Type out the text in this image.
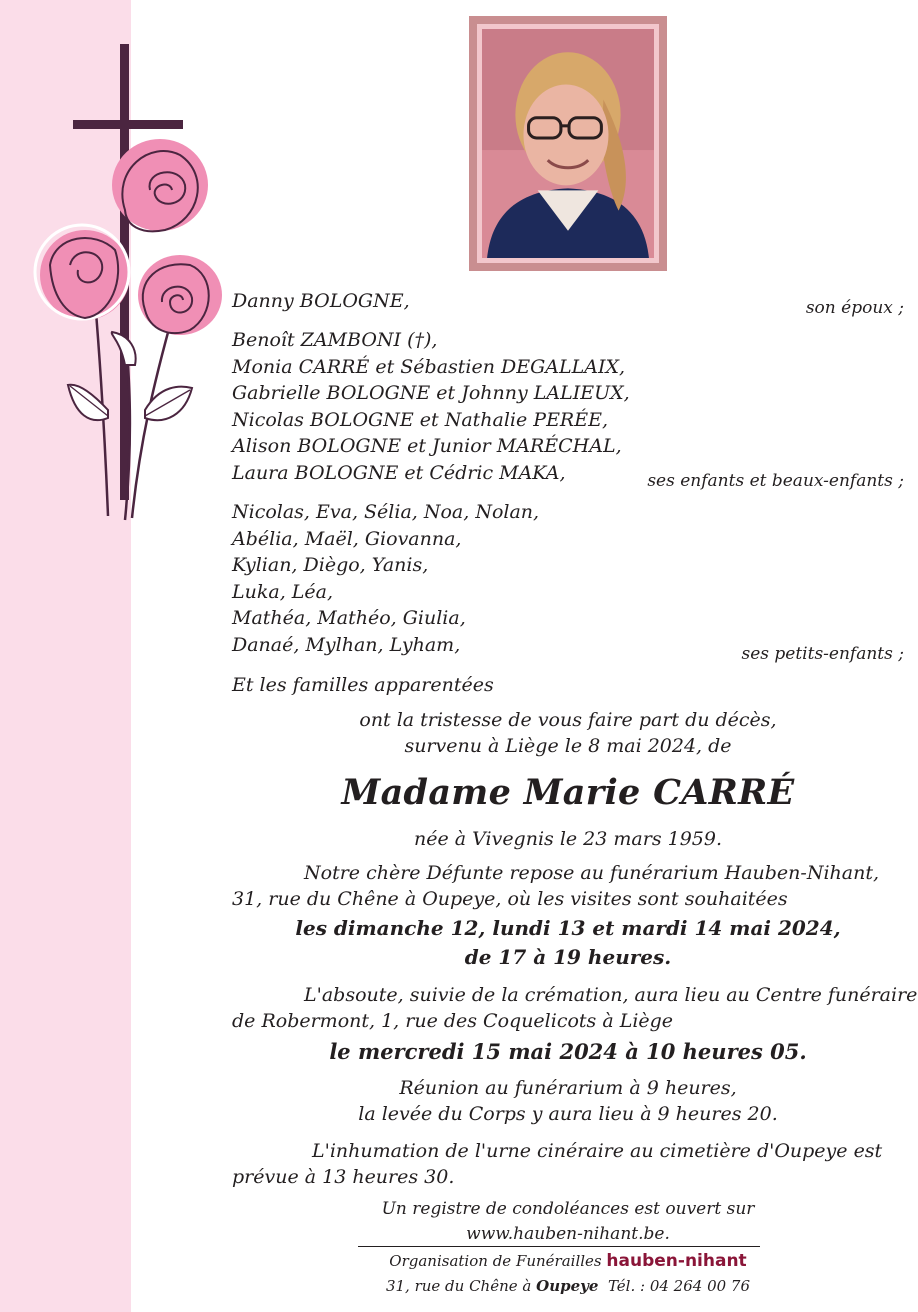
Danny BOLOGNE,	son époux ;
Benoît ZAMBONI (†),
Monia CARRÉ et Sébastien DEGALLAIX,
Gabrielle BOLOGNE et Johnny LALIEUX,
Nicolas BOLOGNE et Nathalie PERÉE,
Alison BOLOGNE et Junior MARÉCHAL,
Laura BOLOGNE et Cédric MAKA,	ses enfants et beaux-enfants ;
Nicolas, Eva, Sélia, Noa, Nolan,
Abélia, Maël, Giovanna,
Kylian, Diègo, Yanis,
Luka, Léa,
Mathéa, Mathéo, Giulia,
Danaé, Mylhan, Lyham,	ses petits-enfants ;
Et les familles apparentées
ont la tristesse de vous faire part du décès,
survenu à Liège le 8 mai 2024, de
Madame Marie CARRÉ
née à Vivegnis le 23 mars 1959.
Notre chère Défunte repose au funérarium Hauben-Nihant,
31, rue du Chêne à Oupeye, où les visites sont souhaitées
les dimanche 12, lundi 13 et mardi 14 mai 2024,
de 17 à 19 heures.
L'absoute, suivie de la crémation, aura lieu au Centre funéraire
de Robermont, 1, rue des Coquelicots à Liège
le mercredi 15 mai 2024 à 10 heures 05.
Réunion au funérarium à 9 heures,
la levée du Corps y aura lieu à 9 heures 20.
L'inhumation de l'urne cinéraire au cimetière d'Oupeye est
prévue à 13 heures 30.
Un registre de condoléances est ouvert sur
www.hauben-nihant.be.
Organisation de Funérailles hauben-nihant
31, rue du Chêne à Oupeye Tél. : 04 264 00 76
